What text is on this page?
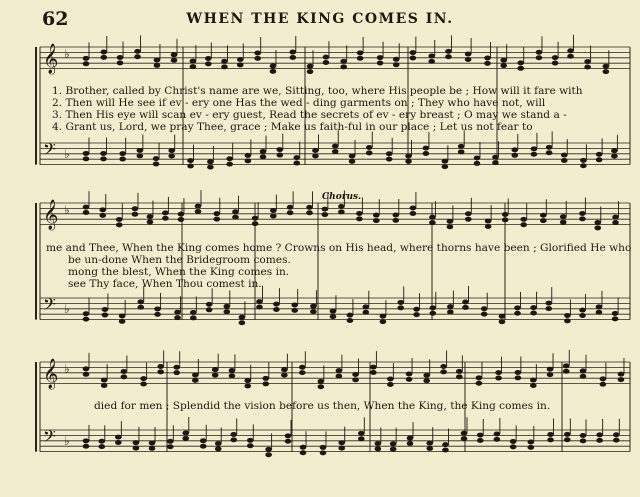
62	WHEN THE KING COMES IN.
𝄞 ♭
𝄢 ♭
𝄞 ♭
𝄢 ♭
𝄞 ♭
𝄢 ♭
Chorus.
1. Brother, called by Christ's name are we, Sitting, too, where His people be ; How will it fare with
2. Then will He see if ev - ery one Has the wed - ding garments on ; They who have not, will
3. Then His eye will scan ev - ery guest, Read the secrets of ev - ery breast ; O may we stand a -
4. Grant us, Lord, we pray Thee, grace ; Make us faith-ful in our place ; Let us not fear to
me and Thee, When the King comes home ? Crowns on His head, where thorns have been ; Glorified He who
be un-done When the Bridegroom comes.
mong the blest, When the King comes in.
see Thy face, When Thou comest in.
died for men ; Splendid the vision before us then, When the King, the King comes in.
